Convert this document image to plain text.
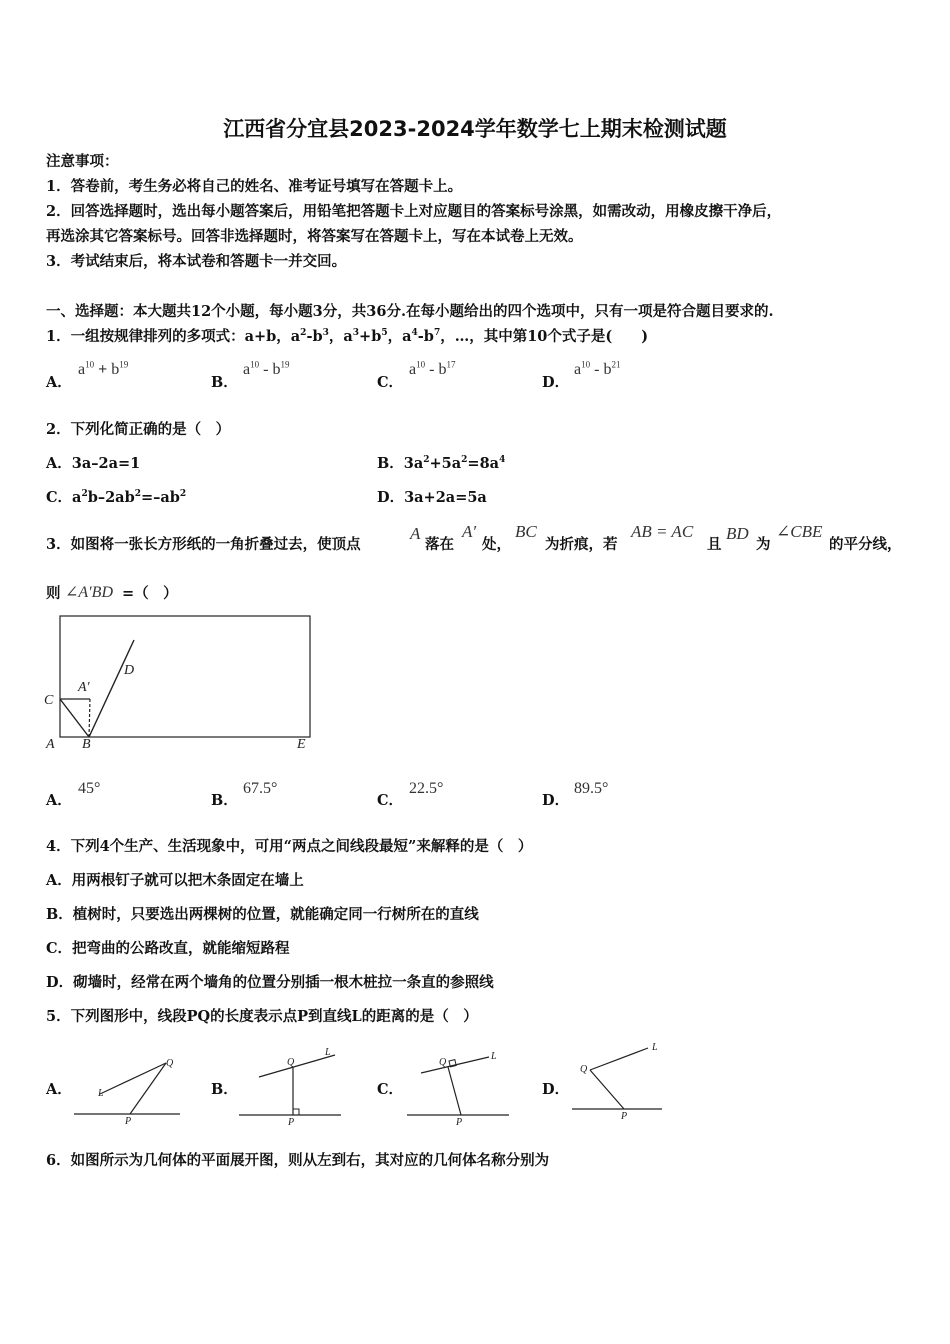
江西省分宜县2023-2024学年数学七上期末检测试题
注意事项：
1．答卷前，考生务必将自己的姓名、准考证号填写在答题卡上。
2．回答选择题时，选出每小题答案后，用铅笔把答题卡上对应题目的答案标号涂黑，如需改动，用橡皮擦干净后，
再选涂其它答案标号。回答非选择题时，将答案写在答题卡上，写在本试卷上无效。
3．考试结束后，将本试卷和答题卡一并交回。
一、选择题：本大题共12个小题，每小题3分，共36分.在每小题给出的四个选项中，只有一项是符合题目要求的.
1．一组按规律排列的多项式：a+b，$a^2-b^3$，$a^3+b^5$，$a^4-b^7$，…，其中第10个式子是(　　)
A．
$a^{10} + b^{19}$
B．
$a^{10} - b^{19}$
C．
$a^{10} - b^{17}$
D．
$a^{10} - b^{21}$
2．下列化简正确的是（　）
A．3a–2a=1	B．$3a^2+5a^2=8a^4$
C．$a^2b-2ab^2=-ab^2$	D．3a+2a=5a
3．如图将一张长方形纸的一角折叠过去，使顶点
A
落在
A′
处，
BC
为折痕，若
AB = AC
且
BD
为
∠CBE
的平分线，
则 ∠A′BD =（　）
C
A′
D
A B	E
A．
45°
B．
67.5°
C．
22.5°
D．
89.5°
4．下列4个生产、生活现象中，可用“两点之间线段最短”来解释的是（　）
A．用两根钉子就可以把木条固定在墙上
B．植树时，只要选出两棵树的位置，就能确定同一行树所在的直线
C．把弯曲的公路改直，就能缩短路程
D．砌墙时，经常在两个墙角的位置分别插一根木桩拉一条直的参照线
5．下列图形中，线段PQ的长度表示点P到直线L的距离的是（　）
A．
Q
L
P
B．
Q
L
P
C．
Q
L
P
D．
Q
L
P
6．如图所示为几何体的平面展开图，则从左到右，其对应的几何体名称分别为
